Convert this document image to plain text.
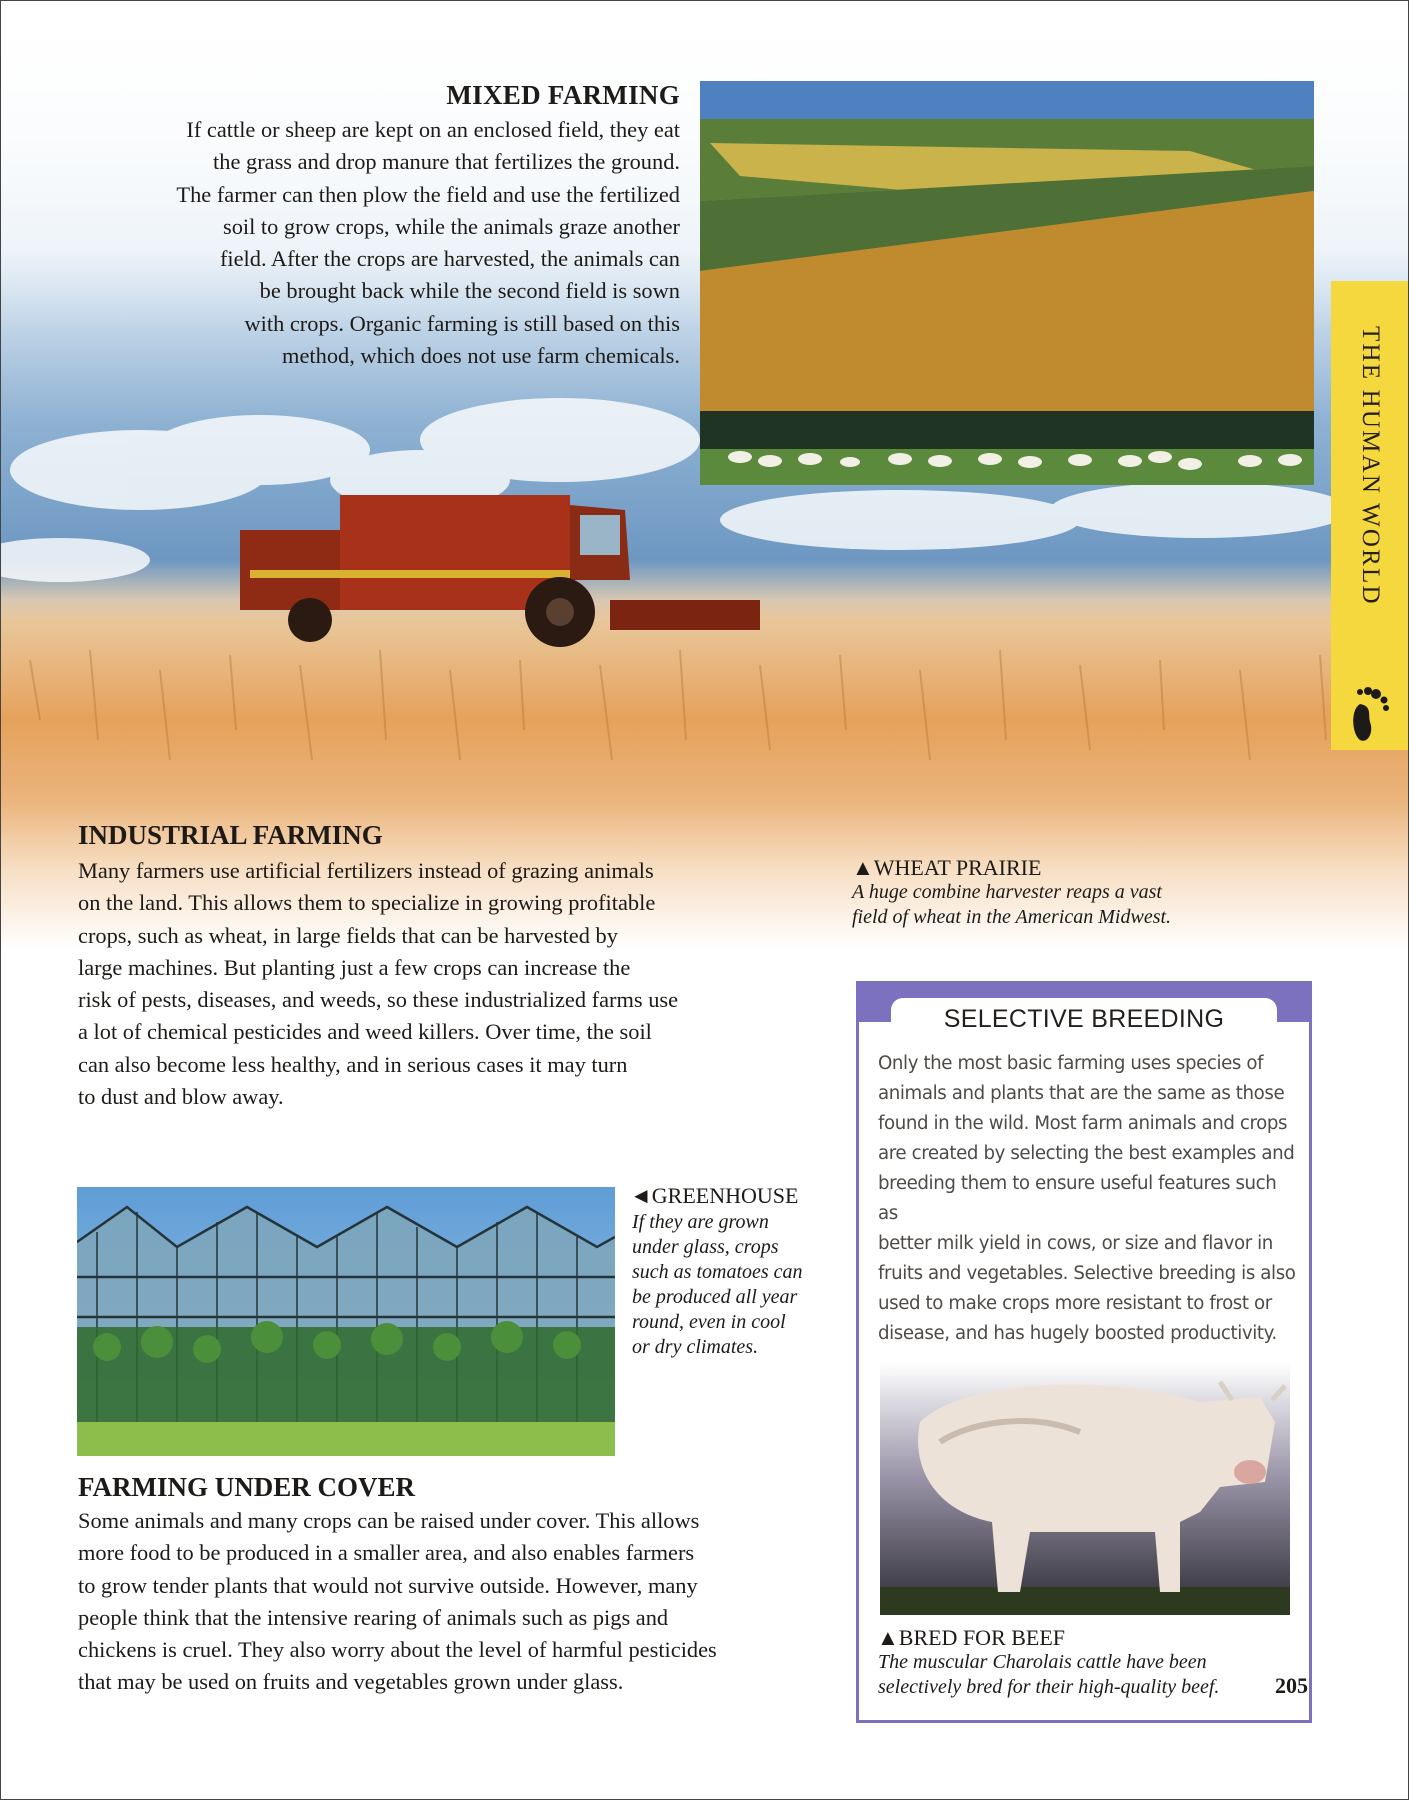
MIXED FARMING
If cattle or sheep are kept on an enclosed field, they eat
the grass and drop manure that fertilizes the ground.
The farmer can then plow the field and use the fertilized
soil to grow crops, while the animals graze another
field. After the crops are harvested, the animals can
be brought back while the second field is sown
with crops. Organic farming is still based on this
method, which does not use farm chemicals.	THE HUMAN WORLD
INDUSTRIAL FARMING
Many farmers use artificial fertilizers instead of grazing animals
on the land. This allows them to specialize in growing profitable
crops, such as wheat, in large fields that can be harvested by
large machines. But planting just a few crops can increase the
risk of pests, diseases, and weeds, so these industrialized farms use
a lot of chemical pesticides and weed killers. Over time, the soil
can also become less healthy, and in serious cases it may turn
to dust and blow away.
▲WHEAT PRAIRIE
A huge combine harvester reaps a vast
field of wheat in the American Midwest.
◄GREENHOUSE
If they are grown
under glass, crops
such as tomatoes can
be produced all year
round, even in cool
or dry climates.
FARMING UNDER COVER
Some animals and many crops can be raised under cover. This allows
more food to be produced in a smaller area, and also enables farmers
to grow tender plants that would not survive outside. However, many
people think that the intensive rearing of animals such as pigs and
chickens is cruel. They also worry about the level of harmful pesticides
that may be used on fruits and vegetables grown under glass.
SELECTIVE BREEDING
Only the most basic farming uses species of
animals and plants that are the same as those
found in the wild. Most farm animals and crops
are created by selecting the best examples and
breeding them to ensure useful features such as
better milk yield in cows, or size and flavor in
fruits and vegetables. Selective breeding is also
used to make crops more resistant to frost or
disease, and has hugely boosted productivity.
▲BRED FOR BEEF
The muscular Charolais cattle have been
selectively bred for their high-quality beef.	205
